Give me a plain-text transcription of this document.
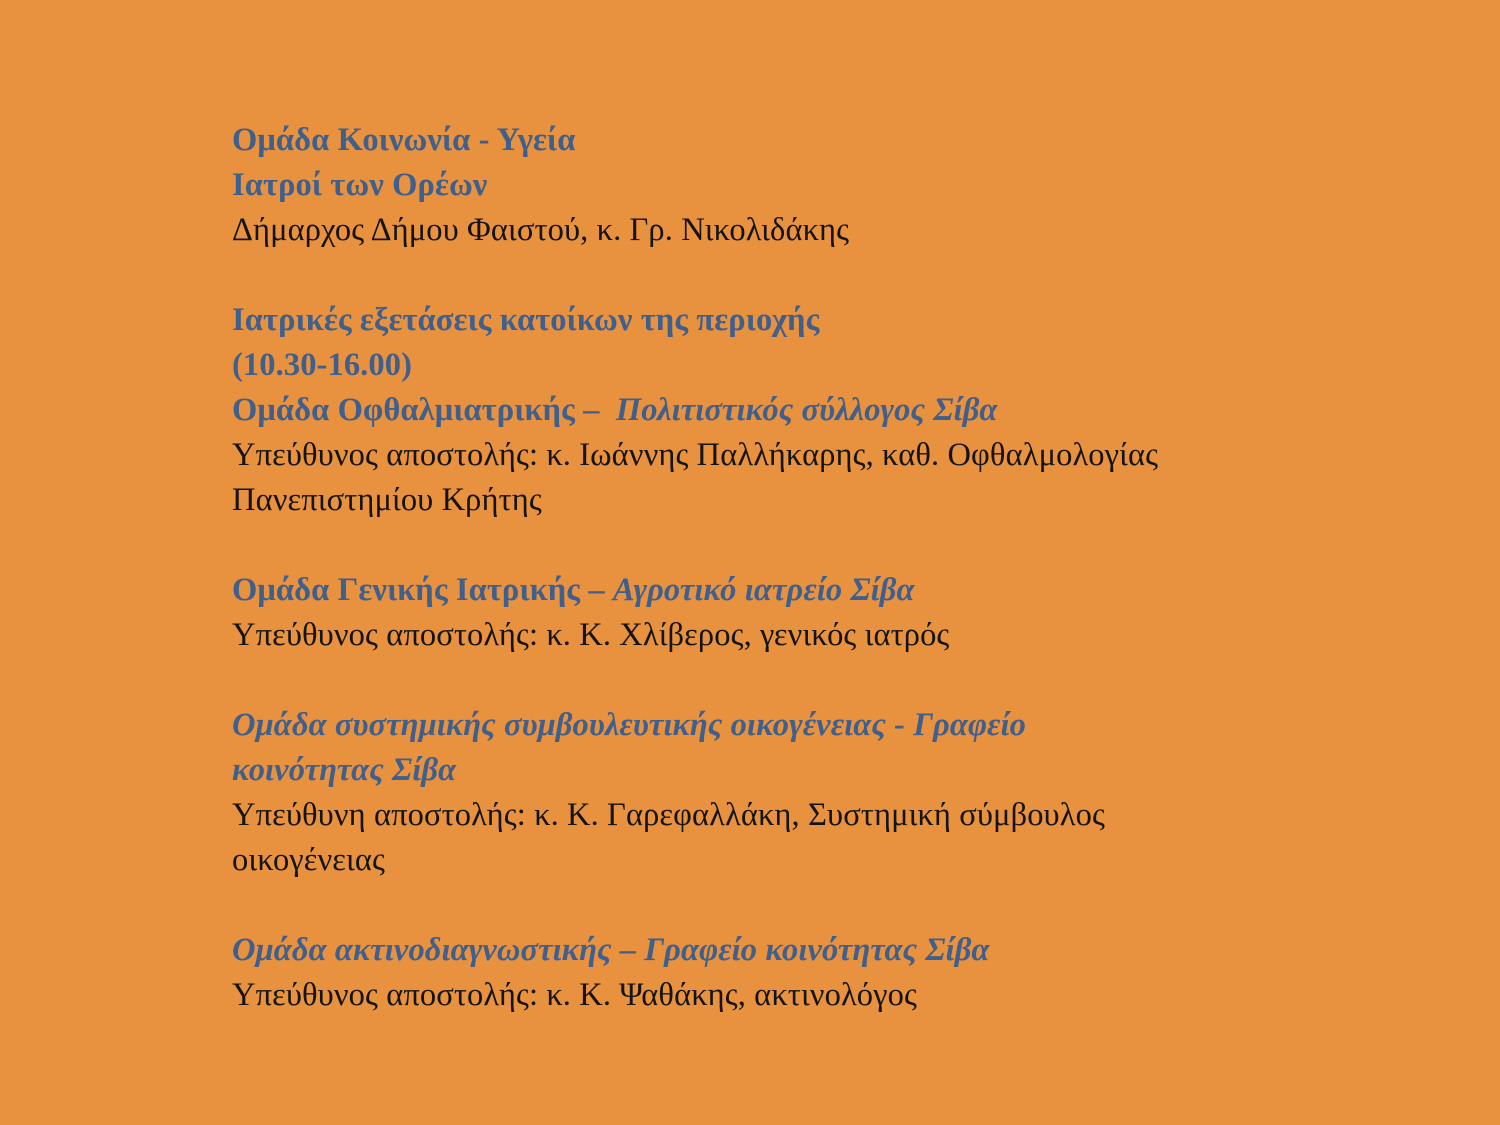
Ομάδα Κοινωνία - Υγεία
Ιατροί των Ορέων
Δήμαρχος Δήμου Φαιστού, κ. Γρ. Νικολιδάκης
Ιατρικές εξετάσεις κατοίκων της περιοχής
(10.30-16.00)
Ομάδα Οφθαλμιατρικής –  Πολιτιστικός σύλλογος Σίβα
Υπεύθυνος αποστολής: κ. Ιωάννης Παλλήκαρης, καθ. Οφθαλμολογίας
Πανεπιστημίου Κρήτης
Ομάδα Γενικής Ιατρικής – Αγροτικό ιατρείο Σίβα
Υπεύθυνος αποστολής: κ. Κ. Χλίβερος, γενικός ιατρός
Ομάδα συστημικής συμβουλευτικής οικογένειας - Γραφείο
κοινότητας Σίβα
Υπεύθυνη αποστολής: κ. Κ. Γαρεφαλλάκη, Συστημική σύμβουλος
οικογένειας
Ομάδα ακτινοδιαγνωστικής – Γραφείο κοινότητας Σίβα
Υπεύθυνος αποστολής: κ. Κ. Ψαθάκης, ακτινολόγος
